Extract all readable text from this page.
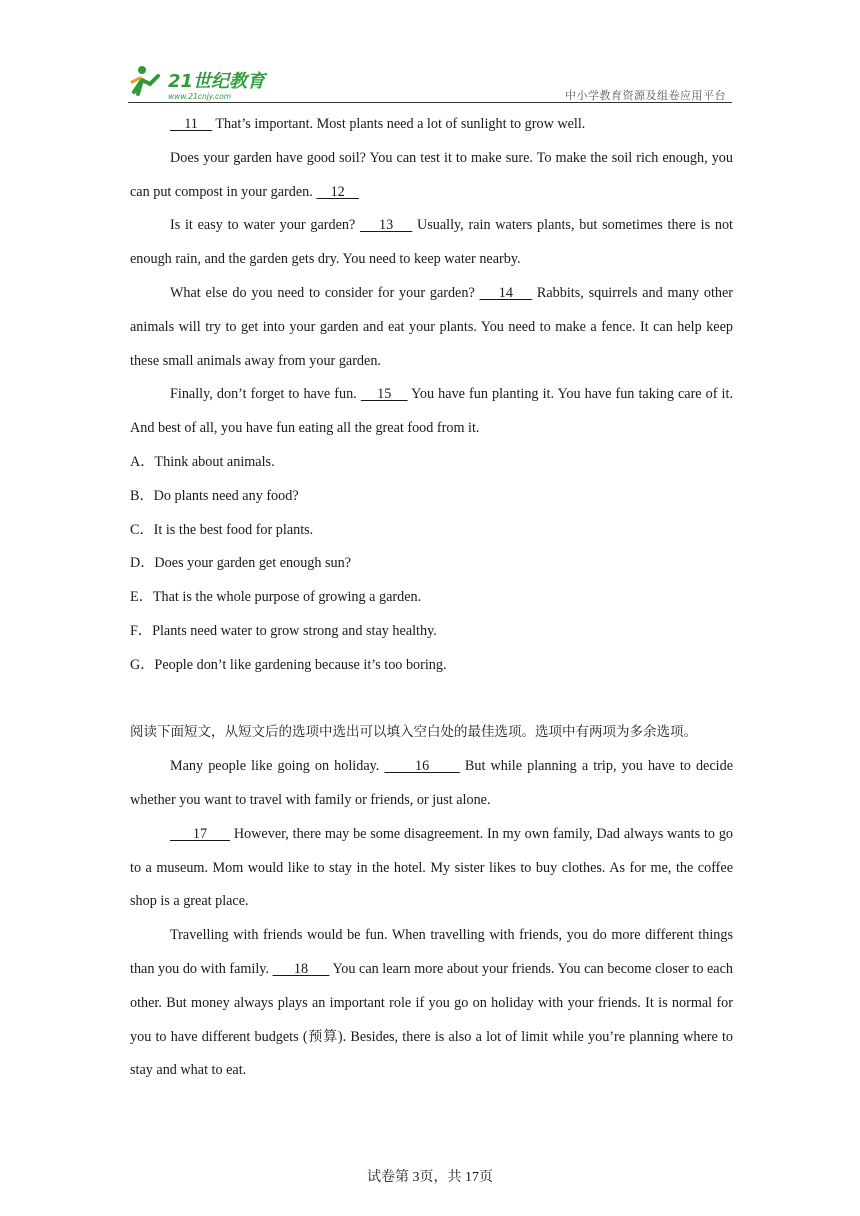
21世纪教育
www.21cnjy.com	中小学教育资源及组卷应用平台

11     That’s important. Most plants need a lot of sunlight to grow well.

Does your garden have good soil? You can test it to make sure. To make the soil rich enough, you can put compost in your garden.     12

Is it easy to water your garden?     13     Usually, rain waters plants, but sometimes there is not enough rain, and the garden gets dry. You need to keep water nearby.

What else do you need to consider for your garden?     14     Rabbits, squirrels and many other animals will try to get into your garden and eat your plants. You need to make a fence. It can help keep these small animals away from your garden.

Finally, don’t forget to have fun.     15     You have fun planting it. You have fun taking care of it. And best of all, you have fun eating all the great food from it.

A．Think about animals.

B．Do plants need any food?

C．It is the best food for plants.

D．Does your garden get enough sun?

E．That is the whole purpose of growing a garden.

F．Plants need water to grow strong and stay healthy.

G．People don’t like gardening because it’s too boring.

阅读下面短文，从短文后的选项中选出可以填入空白处的最佳选项。选项中有两项为多余选项。

Many people like going on holiday.       16       But while planning a trip, you have to decide whether you want to travel with family or friends, or just alone.

17       However, there may be some disagreement. In my own family, Dad always wants to go to a museum. Mom would like to stay in the hotel. My sister likes to buy clothes. As for me, the coffee shop is a great place.

Travelling with friends would be fun. When travelling with friends, you do more different things than you do with family.       18       You can learn more about your friends. You can become closer to each other. But money always plays an important role if you go on holiday with your friends. It is normal for you to have different budgets (预算). Besides, there is also a lot of limit while you’re planning where to stay and what to eat.

试卷第 3页，共 17页
